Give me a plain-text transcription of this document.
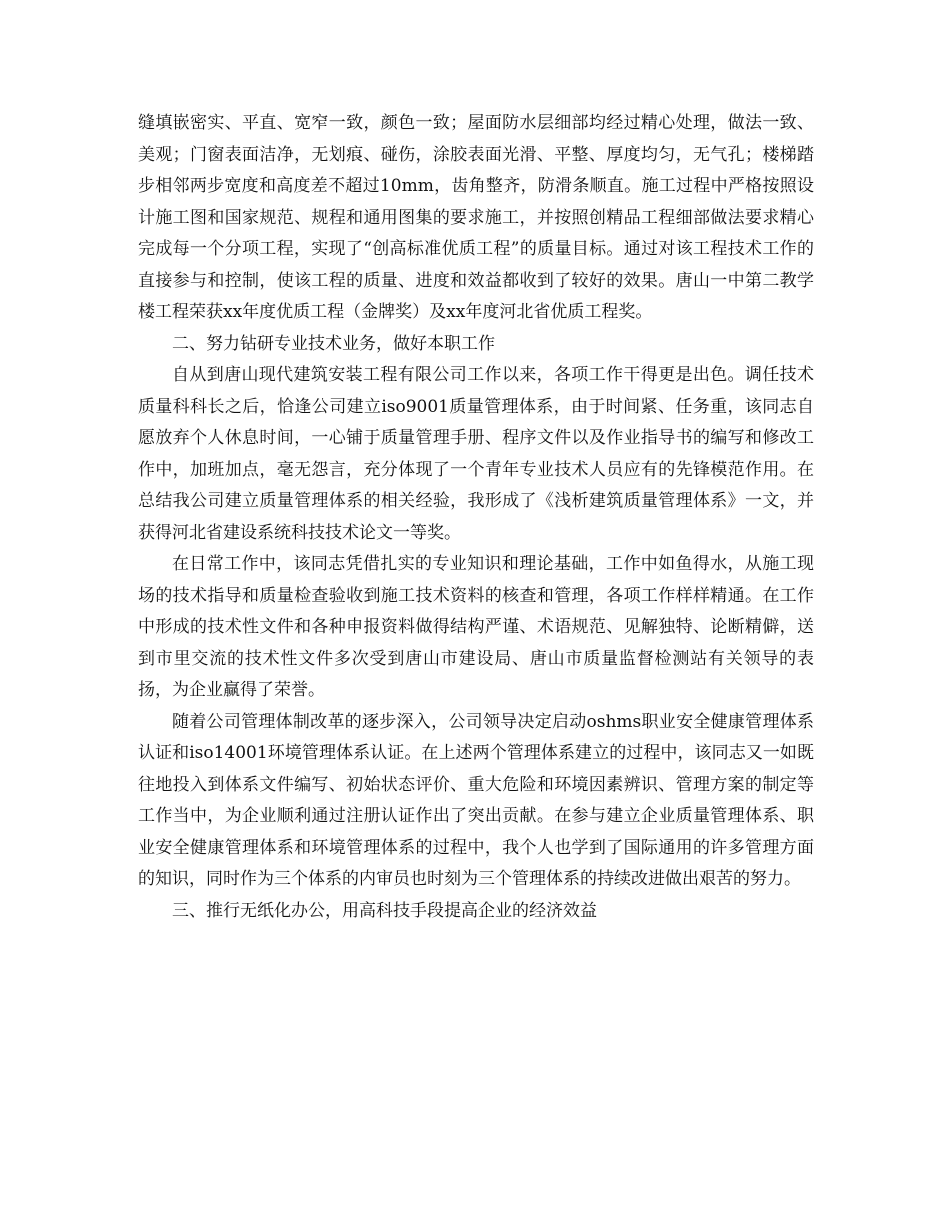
缝填嵌密实、平直、宽窄一致，颜色一致；屋面防水层细部均经过精心处理，做法一致、美观；门窗表面洁净，无划痕、碰伤，涂胶表面光滑、平整、厚度均匀，无气孔；楼梯踏步相邻两步宽度和高度差不超过10mm，齿角整齐，防滑条顺直。施工过程中严格按照设计施工图和国家规范、规程和通用图集的要求施工，并按照创精品工程细部做法要求精心完成每一个分项工程，实现了“创高标准优质工程”的质量目标。通过对该工程技术工作的直接参与和控制，使该工程的质量、进度和效益都收到了较好的效果。唐山一中第二教学楼工程荣获xx年度优质工程（金牌奖）及xx年度河北省优质工程奖。

二、努力钻研专业技术业务，做好本职工作

自从到唐山现代建筑安装工程有限公司工作以来，各项工作干得更是出色。调任技术质量科科长之后，恰逢公司建立iso9001质量管理体系，由于时间紧、任务重，该同志自愿放弃个人休息时间，一心铺于质量管理手册、程序文件以及作业指导书的编写和修改工作中，加班加点，毫无怨言，充分体现了一个青年专业技术人员应有的先锋模范作用。在总结我公司建立质量管理体系的相关经验，我形成了《浅析建筑质量管理体系》一文，并获得河北省建设系统科技技术论文一等奖。

在日常工作中，该同志凭借扎实的专业知识和理论基础，工作中如鱼得水，从施工现场的技术指导和质量检查验收到施工技术资料的核查和管理，各项工作样样精通。在工作中形成的技术性文件和各种申报资料做得结构严谨、术语规范、见解独特、论断精僻，送到市里交流的技术性文件多次受到唐山市建设局、唐山市质量监督检测站有关领导的表扬，为企业赢得了荣誉。

随着公司管理体制改革的逐步深入，公司领导决定启动oshms职业安全健康管理体系认证和iso14001环境管理体系认证。在上述两个管理体系建立的过程中，该同志又一如既往地投入到体系文件编写、初始状态评价、重大危险和环境因素辨识、管理方案的制定等工作当中，为企业顺利通过注册认证作出了突出贡献。在参与建立企业质量管理体系、职业安全健康管理体系和环境管理体系的过程中，我个人也学到了国际通用的许多管理方面的知识，同时作为三个体系的内审员也时刻为三个管理体系的持续改进做出艰苦的努力。

三、推行无纸化办公，用高科技手段提高企业的经济效益
